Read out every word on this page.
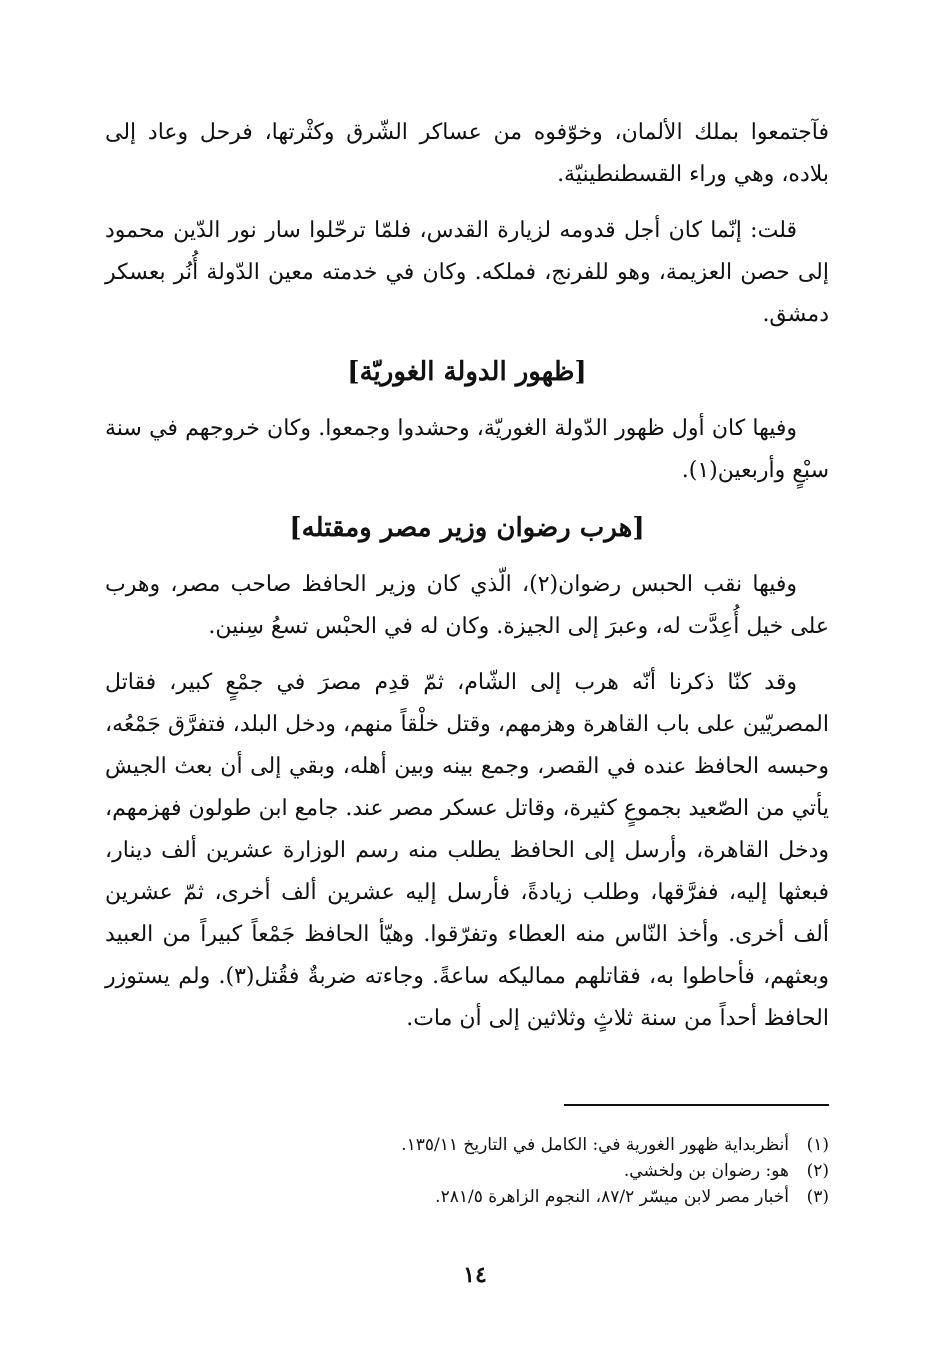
فآجتمعوا بملك الألمان، وخوّفوه من عساكر الشّرق وكثْرتها، فرحل وعاد إلى بلاده، وهي وراء القسطنطينيّة.

قلت: إنّما كان أجل قدومه لزيارة القدس، فلمّا ترحّلوا سار نور الدّين محمود إلى حصن العزيمة، وهو للفرنج، فملكه. وكان في خدمته معين الدّولة أُنُر بعسكر دمشق.

[ظهور الدولة الغوريّة]

وفيها كان أول ظهور الدّولة الغوريّة، وحشدوا وجمعوا. وكان خروجهم في سنة سبْعٍ وأربعين(١).

[هرب رضوان وزير مصر ومقتله]

وفيها نقب الحبس رضوان(٢)، الّذي كان وزير الحافظ صاحب مصر، وهرب على خيل أُعِدَّت له، وعبرَ إلى الجيزة. وكان له في الحبْس تسعُ سِنين.

وقد كنّا ذكرنا أنّه هرب إلى الشّام، ثمّ قدِم مصرَ في جمْعٍ كبير، فقاتل المصريّين على باب القاهرة وهزمهم، وقتل خلْقاً منهم، ودخل البلد، فتفرَّق جَمْعُه، وحبسه الحافظ عنده في القصر، وجمع بينه وبين أهله، وبقي إلى أن بعث الجيش يأتي من الصّعيد بجموعٍ كثيرة، وقاتل عسكر مصر عند. جامع ابن طولون فهزمهم، ودخل القاهرة، وأرسل إلى الحافظ يطلب منه رسم الوزارة عشرين ألف دينار، فبعثها إليه، ففرَّقها، وطلب زيادةً، فأرسل إليه عشرين ألف أخرى، ثمّ عشرين ألف أخرى. وأخذ النّاس منه العطاء وتفرّقوا. وهيّأ الحافظ جَمْعاً كبيراً من العبيد وبعثهم، فأحاطوا به، فقاتلهم مماليكه ساعةً. وجاءته ضربةٌ فقُتل(٣). ولم يستوزر الحافظ أحداً من سنة ثلاثٍ وثلاثين إلى أن مات.

(١)
أنظربداية ظهور الغورية في: الكامل في التاريخ ١٣٥/١١.
(٢)
هو: رضوان بن ولخشي.
(٣)
أخبار مصر لابن ميسّر ٨٧/٢، النجوم الزاهرة ٢٨١/٥.
١٤
